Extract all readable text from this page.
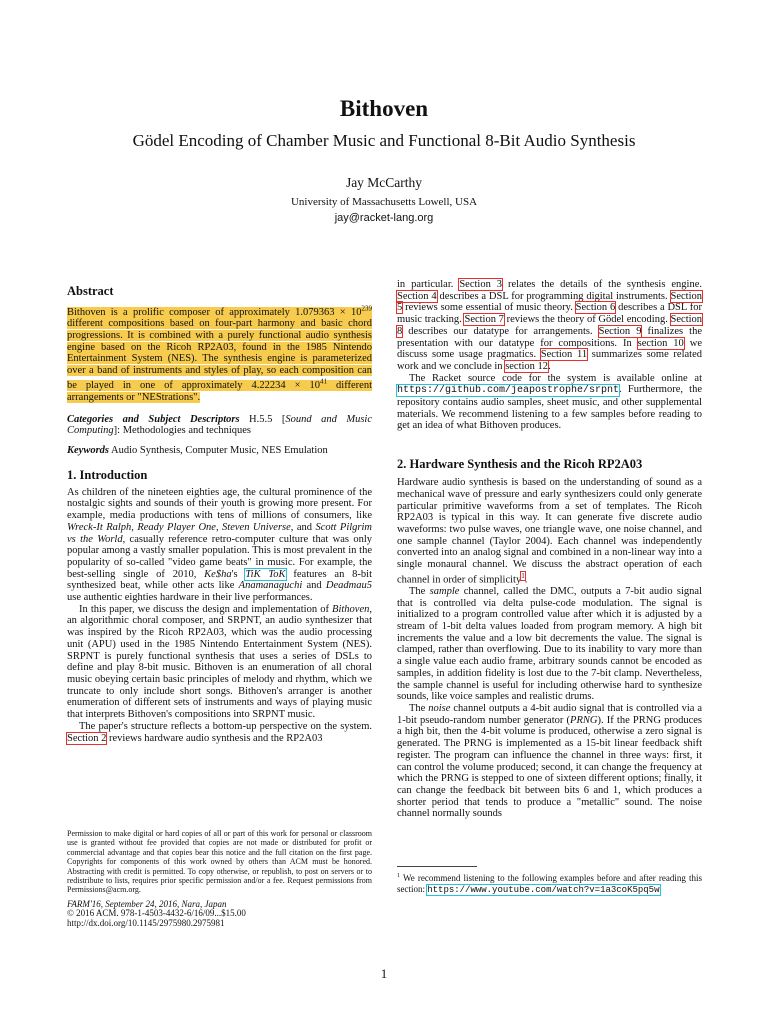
Bithoven
Gödel Encoding of Chamber Music and Functional 8-Bit Audio Synthesis
Jay McCarthy
University of Massachusetts Lowell, USA
jay@racket-lang.org
Abstract

Bithoven is a prolific composer of approximately $1.079363 \times 10^{239}$ different compositions based on four-part harmony and basic chord progressions. It is combined with a purely functional audio synthesis engine based on the Ricoh RP2A03, found in the 1985 Nintendo Entertainment System (NES). The synthesis engine is parameterized over a band of instruments and styles of play, so each composition can be played in one of approximately $4.22234 \times 10^{41}$ different arrangements or "NEStrations".

Categories and Subject Descriptors H.5.5 [Sound and Music Computing]: Methodologies and techniques

Keywords Audio Synthesis, Computer Music, NES Emulation

1. Introduction

As children of the nineteen eighties age, the cultural prominence of the nostalgic sights and sounds of their youth is growing more present. For example, media productions with tens of millions of consumers, like Wreck-It Ralph, Ready Player One, Steven Universe, and Scott Pilgrim vs the World, casually reference retro-computer culture that was only popular among a vastly smaller population. This is most prevalent in the popularity of so-called "video game beats" in music. For example, the best-selling single of 2010, Ke$ha's TiK ToK features an 8-bit synthesized beat, while other acts like Anamanaguchi and Deadmau5 use authentic eighties hardware in their live performances.

In this paper, we discuss the design and implementation of Bithoven, an algorithmic choral composer, and SRPNT, an audio synthesizer that was inspired by the Ricoh RP2A03, which was the audio processing unit (APU) used in the 1985 Nintendo Entertainment System (NES). SRPNT is purely functional synthesis that uses a series of DSLs to define and play 8-bit music. Bithoven is an enumeration of all choral music obeying certain basic principles of melody and rhythm, which we truncate to only include short songs. Bithoven's arranger is another enumeration of different sets of instruments and ways of playing music that interprets Bithoven's compositions into SRPNT music.

The paper's structure reflects a bottom-up perspective on the system. Section 2 reviews hardware audio synthesis and the RP2A03

Permission to make digital or hard copies of all or part of this work for personal or classroom use is granted without fee provided that copies are not made or distributed for profit or commercial advantage and that copies bear this notice and the full citation on the first page. Copyrights for components of this work owned by others than ACM must be honored. Abstracting with credit is permitted. To copy otherwise, or republish, to post on servers or to redistribute to lists, requires prior specific permission and/or a fee. Request permissions from Permissions@acm.org.

FARM'16, September 24, 2016, Nara, Japan

© 2016 ACM. 978-1-4503-4432-6/16/09...$15.00

http://dx.doi.org/10.1145/2975980.2975981

in particular. Section 3 relates the details of the synthesis engine. Section 4 describes a DSL for programming digital instruments. Section 5 reviews some essential of music theory. Section 6 describes a DSL for music tracking. Section 7 reviews the theory of Gödel encoding. Section 8 describes our datatype for arrangements. Section 9 finalizes the presentation with our datatype for compositions. In section 10 we discuss some usage pragmatics. Section 11 summarizes some related work and we conclude in section 12.

The Racket source code for the system is available online at https://github.com/jeapostrophe/srpnt. Furthermore, the repository contains audio samples, sheet music, and other supplemental materials. We recommend listening to a few samples before reading to get an idea of what Bithoven produces.

2. Hardware Synthesis and the Ricoh RP2A03

Hardware audio synthesis is based on the understanding of sound as a mechanical wave of pressure and early synthesizers could only generate particular primitive waveforms from a set of templates. The Ricoh RP2A03 is typical in this way. It can generate five discrete audio waveforms: two pulse waves, one triangle wave, one noise channel, and one sample channel (Taylor 2004). Each channel was independently converted into an analog signal and combined in a non-linear way into a single monaural channel. We discuss the abstract operation of each channel in order of simplicity$^1$.

The sample channel, called the DMC, outputs a 7-bit audio signal that is controlled via delta pulse-code modulation. The signal is initialized to a program controlled value after which it is adjusted by a stream of 1-bit delta values loaded from program memory. A high bit increments the value and a low bit decrements the value. The signal is clamped, rather than overflowing. Due to its inability to vary more than a single value each audio frame, arbitrary sounds cannot be encoded as samples, in addition fidelity is lost due to the 7-bit clamp. Nevertheless, the sample channel is useful for including otherwise hard to synthesize sounds, like voice samples and realistic drums.

The noise channel outputs a 4-bit audio signal that is controlled via a 1-bit pseudo-random number generator (PRNG). If the PRNG produces a high bit, then the 4-bit volume is produced, otherwise a zero signal is generated. The PRNG is implemented as a 15-bit linear feedback shift register. The program can influence the channel in three ways: first, it can control the volume produced; second, it can change the frequency at which the PRNG is stepped to one of sixteen different options; finally, it can change the feedback bit between bits 6 and 1, which produces a shorter period that tends to produce a "metallic" sound. The noise channel normally sounds

$^1$ We recommend listening to the following examples before and after reading this section: https://www.youtube.com/watch?v=1a3coK5pq5w

1
